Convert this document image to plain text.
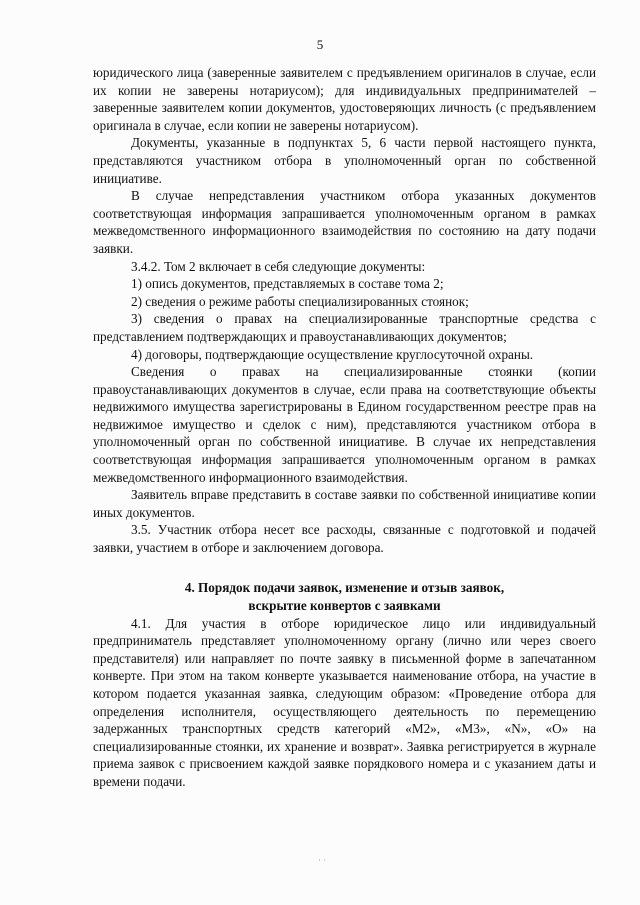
5

юридического лица (заверенные заявителем с предъявлением оригиналов в случае, если их копии не заверены нотариусом); для индивидуальных предпринимателей – заверенные заявителем копии документов, удостоверяющих личность (с предъявлением оригинала в случае, если копии не заверены нотариусом).

Документы, указанные в подпунктах 5, 6 части первой настоящего пункта, представляются участником отбора в уполномоченный орган по собственной инициативе.

В случае непредставления участником отбора указанных документов соответствующая информация запрашивается уполномоченным органом в рамках межведомственного информационного взаимодействия по состоянию на дату подачи заявки.

3.4.2. Том 2 включает в себя следующие документы:

1) опись документов, представляемых в составе тома 2;

2) сведения о режиме работы специализированных стоянок;

3) сведения о правах на специализированные транспортные средства с представлением подтверждающих и правоустанавливающих документов;

4) договоры, подтверждающие осуществление круглосуточной охраны.

Сведения о правах на специализированные стоянки (копии правоустанавливающих документов в случае, если права на соответствующие объекты недвижимого имущества зарегистрированы в Едином государственном реестре прав на недвижимое имущество и сделок с ним), представляются участником отбора в уполномоченный орган по собственной инициативе. В случае их непредставления соответствующая информация запрашивается уполномоченным органом в рамках межведомственного информационного взаимодействия.

Заявитель вправе представить в составе заявки по собственной инициативе копии иных документов.

3.5. Участник отбора несет все расходы, связанные с подготовкой и подачей заявки, участием в отборе и заключением договора.

4. Порядок подачи заявок, изменение и отзыв заявок,
вскрытие конвертов с заявками

4.1. Для участия в отборе юридическое лицо или индивидуальный предприниматель представляет уполномоченному органу (лично или через своего представителя) или направляет по почте заявку в письменной форме в запечатанном конверте. При этом на таком конверте указывается наименование отбора, на участие в котором подается указанная заявка, следующим образом: «Проведение отбора для определения исполнителя, осуществляющего деятельность по перемещению задержанных транспортных средств категорий «M2», «M3», «N», «O» на специализированные стоянки, их хранение и возврат». Заявка регистрируется в журнале приема заявок с присвоением каждой заявке порядкового номера и с указанием даты и времени подачи.

· ·
